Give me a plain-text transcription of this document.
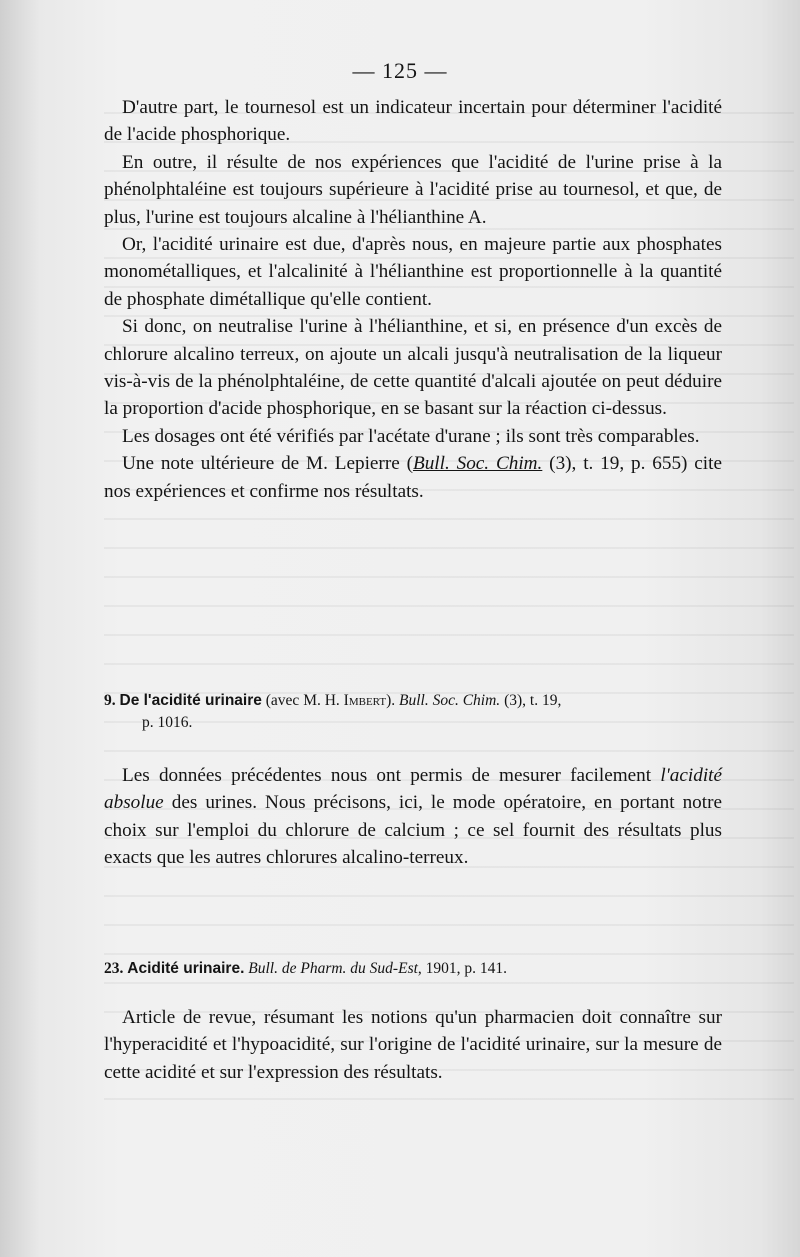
— 125 —

D'autre part, le tournesol est un indicateur incertain pour déterminer l'acidité de l'acide phosphorique.

En outre, il résulte de nos expériences que l'acidité de l'urine prise à la phénolphtaléine est toujours supérieure à l'acidité prise au tournesol, et que, de plus, l'urine est toujours alcaline à l'hélianthine A.

Or, l'acidité urinaire est due, d'après nous, en majeure partie aux phosphates monométalliques, et l'alcalinité à l'hélianthine est proportionnelle à la quantité de phosphate dimétallique qu'elle contient.

Si donc, on neutralise l'urine à l'hélianthine, et si, en présence d'un excès de chlorure alcalino terreux, on ajoute un alcali jusqu'à neutralisation de la liqueur vis-à-vis de la phénolphtaléine, de cette quantité d'alcali ajoutée on peut déduire la proportion d'acide phosphorique, en se basant sur la réaction ci-dessus.

Les dosages ont été vérifiés par l'acétate d'urane ; ils sont très comparables.

Une note ultérieure de M. Lepierre (Bull. Soc. Chim. (3), t. 19, p. 655) cite nos expériences et confirme nos résultats.

9. De l'acidité urinaire (avec M. H. Imbert). Bull. Soc. Chim. (3), t. 19,
p. 1016.

Les données précédentes nous ont permis de mesurer facilement l'acidité absolue des urines. Nous précisons, ici, le mode opératoire, en portant notre choix sur l'emploi du chlorure de calcium ; ce sel fournit des résultats plus exacts que les autres chlorures alcalino-terreux.

23. Acidité urinaire. Bull. de Pharm. du Sud-Est, 1901, p. 141.

Article de revue, résumant les notions qu'un pharmacien doit connaître sur l'hyperacidité et l'hypoacidité, sur l'origine de l'acidité urinaire, sur la mesure de cette acidité et sur l'expression des résultats.
